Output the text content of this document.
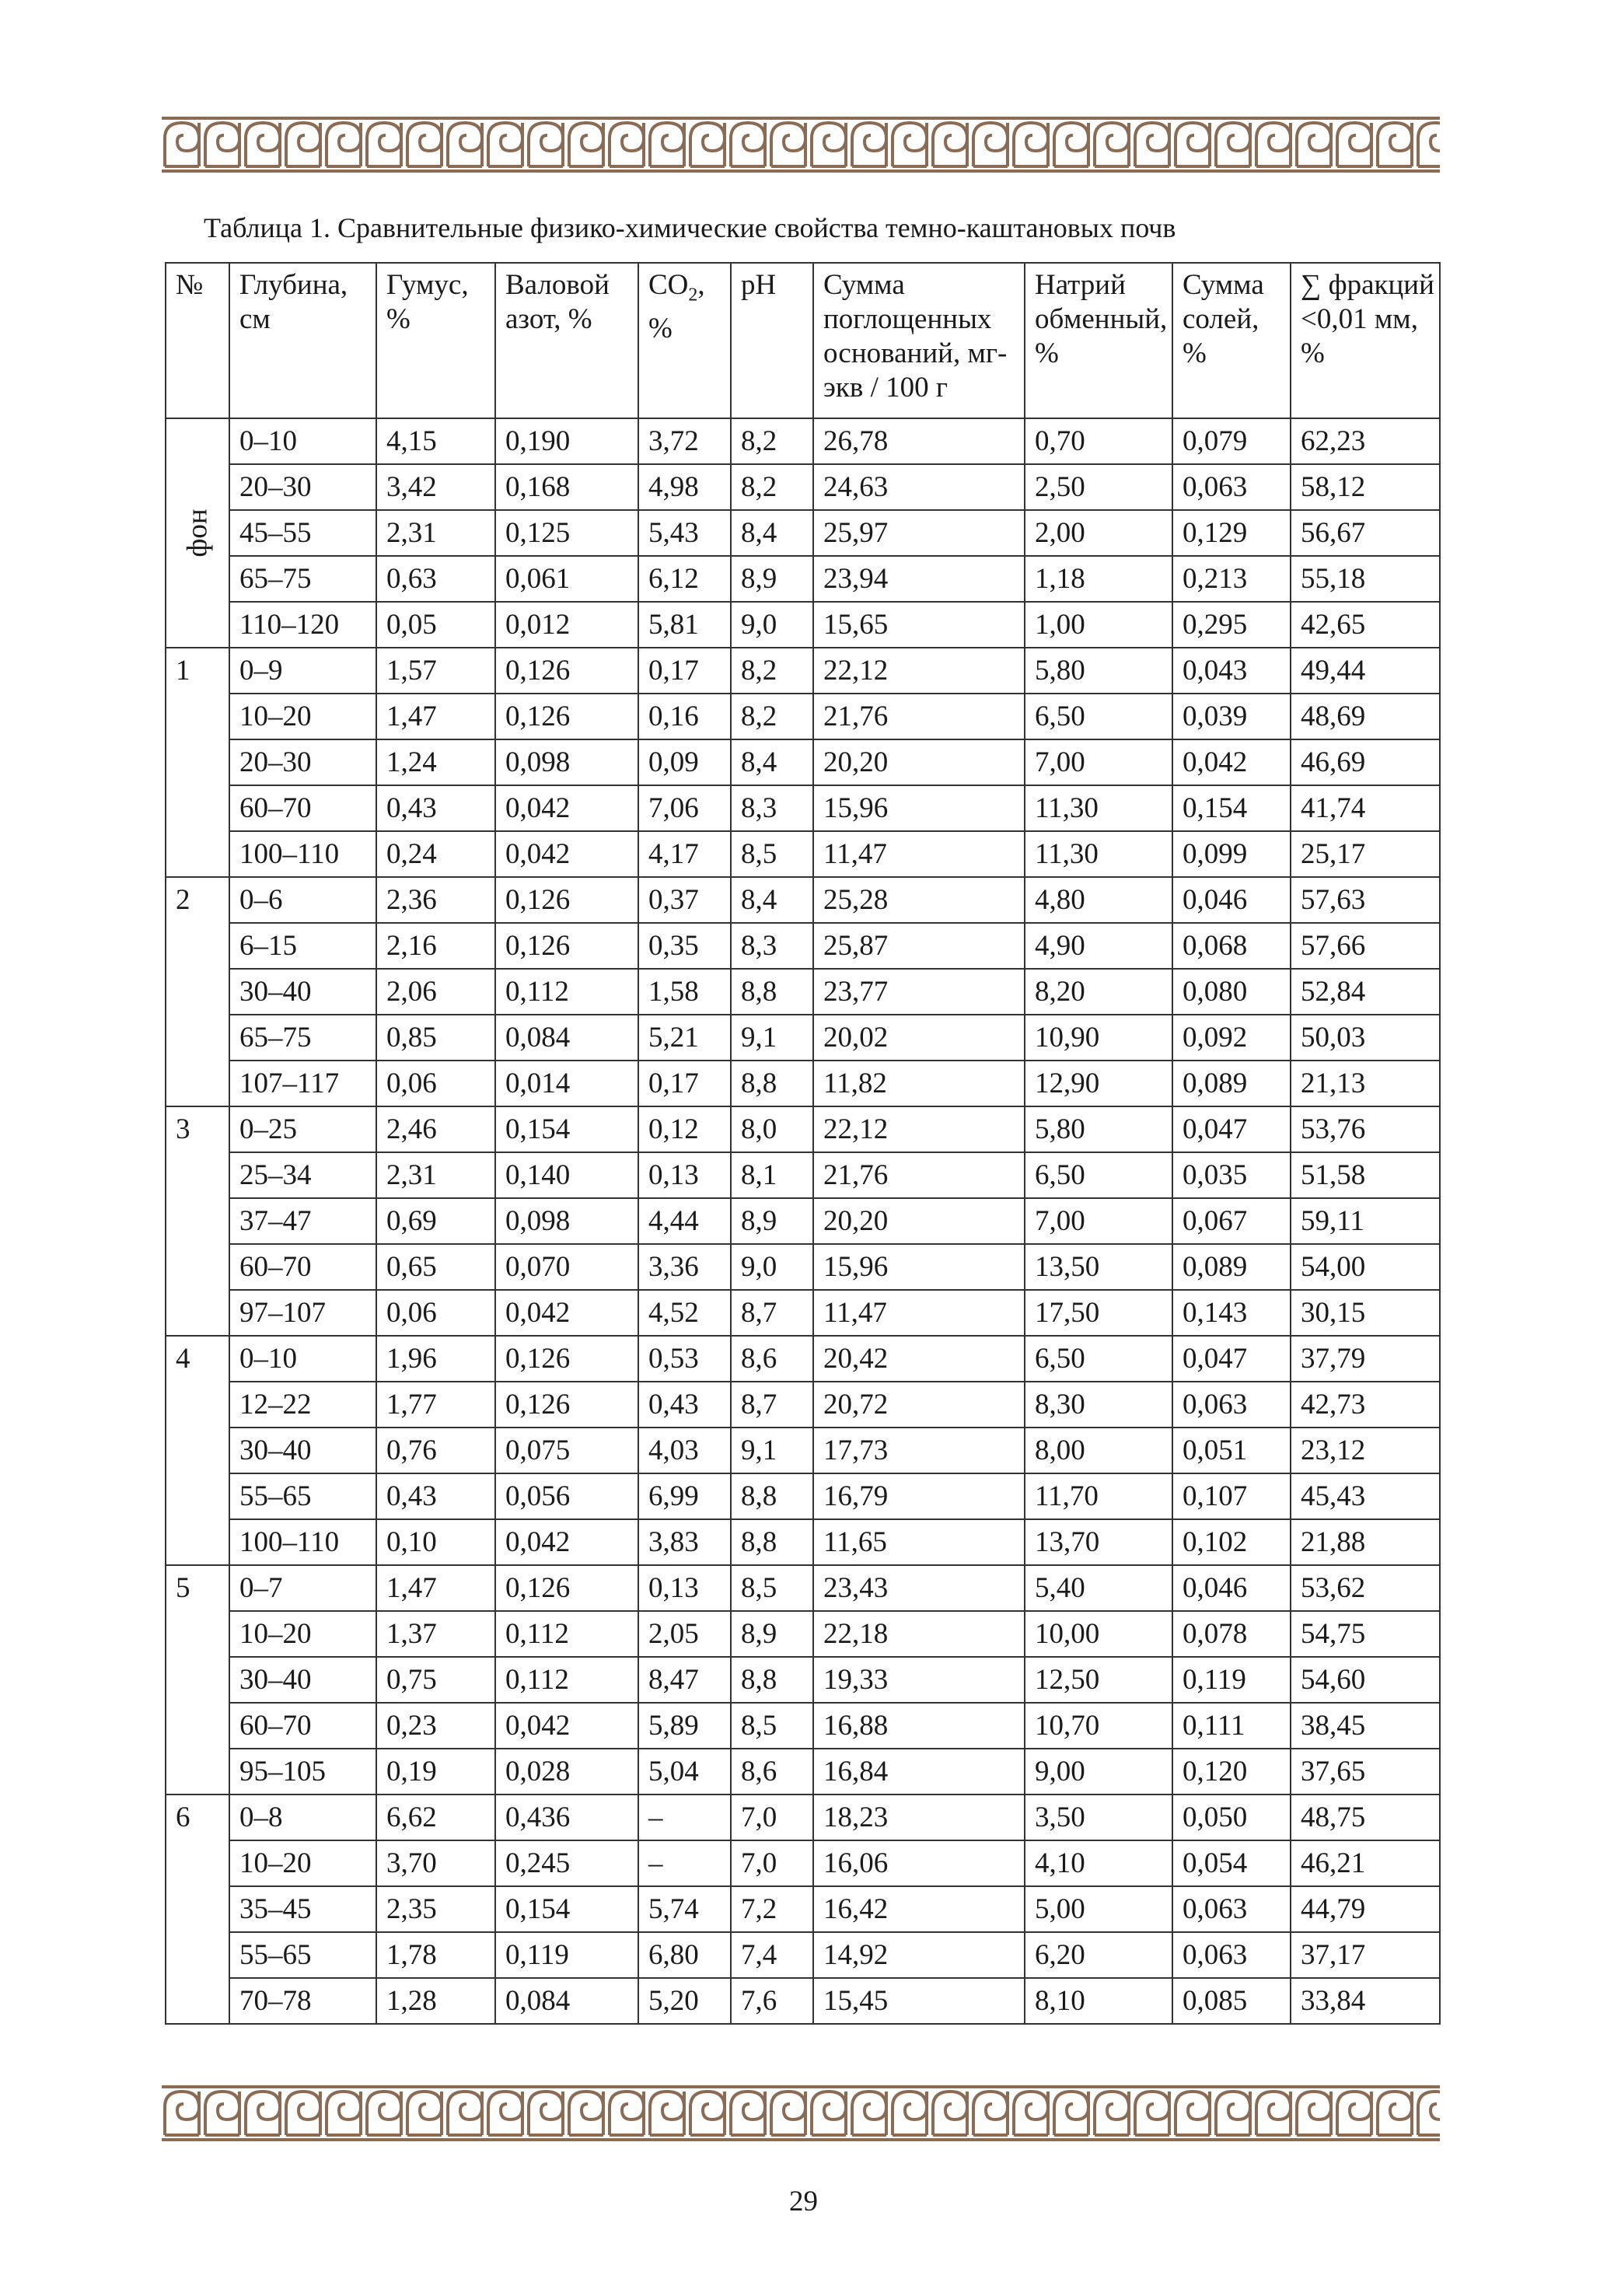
Таблица 1. Сравнительные физико-химические свойства темно-каштановых почв
№	Глубина, см	Гумус, %	Валовой азот, %	$CO_2$, %	pH	Сумма поглощенных оснований, мг-экв / 100 г	Натрий обменный, %	Сумма солей, %	∑ фракций <0,01 мм, %
фон	0–10	4,15	0,190	3,72	8,2	26,78	0,70	0,079	62,23
	20–30	3,42	0,168	4,98	8,2	24,63	2,50	0,063	58,12
	45–55	2,31	0,125	5,43	8,4	25,97	2,00	0,129	56,67
	65–75	0,63	0,061	6,12	8,9	23,94	1,18	0,213	55,18
	110–120	0,05	0,012	5,81	9,0	15,65	1,00	0,295	42,65
1	0–9	1,57	0,126	0,17	8,2	22,12	5,80	0,043	49,44
	10–20	1,47	0,126	0,16	8,2	21,76	6,50	0,039	48,69
	20–30	1,24	0,098	0,09	8,4	20,20	7,00	0,042	46,69
	60–70	0,43	0,042	7,06	8,3	15,96	11,30	0,154	41,74
	100–110	0,24	0,042	4,17	8,5	11,47	11,30	0,099	25,17
2	0–6	2,36	0,126	0,37	8,4	25,28	4,80	0,046	57,63
	6–15	2,16	0,126	0,35	8,3	25,87	4,90	0,068	57,66
	30–40	2,06	0,112	1,58	8,8	23,77	8,20	0,080	52,84
	65–75	0,85	0,084	5,21	9,1	20,02	10,90	0,092	50,03
	107–117	0,06	0,014	0,17	8,8	11,82	12,90	0,089	21,13
3	0–25	2,46	0,154	0,12	8,0	22,12	5,80	0,047	53,76
	25–34	2,31	0,140	0,13	8,1	21,76	6,50	0,035	51,58
	37–47	0,69	0,098	4,44	8,9	20,20	7,00	0,067	59,11
	60–70	0,65	0,070	3,36	9,0	15,96	13,50	0,089	54,00
	97–107	0,06	0,042	4,52	8,7	11,47	17,50	0,143	30,15
4	0–10	1,96	0,126	0,53	8,6	20,42	6,50	0,047	37,79
	12–22	1,77	0,126	0,43	8,7	20,72	8,30	0,063	42,73
	30–40	0,76	0,075	4,03	9,1	17,73	8,00	0,051	23,12
	55–65	0,43	0,056	6,99	8,8	16,79	11,70	0,107	45,43
	100–110	0,10	0,042	3,83	8,8	11,65	13,70	0,102	21,88
5	0–7	1,47	0,126	0,13	8,5	23,43	5,40	0,046	53,62
	10–20	1,37	0,112	2,05	8,9	22,18	10,00	0,078	54,75
	30–40	0,75	0,112	8,47	8,8	19,33	12,50	0,119	54,60
	60–70	0,23	0,042	5,89	8,5	16,88	10,70	0,111	38,45
	95–105	0,19	0,028	5,04	8,6	16,84	9,00	0,120	37,65
6	0–8	6,62	0,436	–	7,0	18,23	3,50	0,050	48,75
	10–20	3,70	0,245	–	7,0	16,06	4,10	0,054	46,21
	35–45	2,35	0,154	5,74	7,2	16,42	5,00	0,063	44,79
	55–65	1,78	0,119	6,80	7,4	14,92	6,20	0,063	37,17
	70–78	1,28	0,084	5,20	7,6	15,45	8,10	0,085	33,84
29
